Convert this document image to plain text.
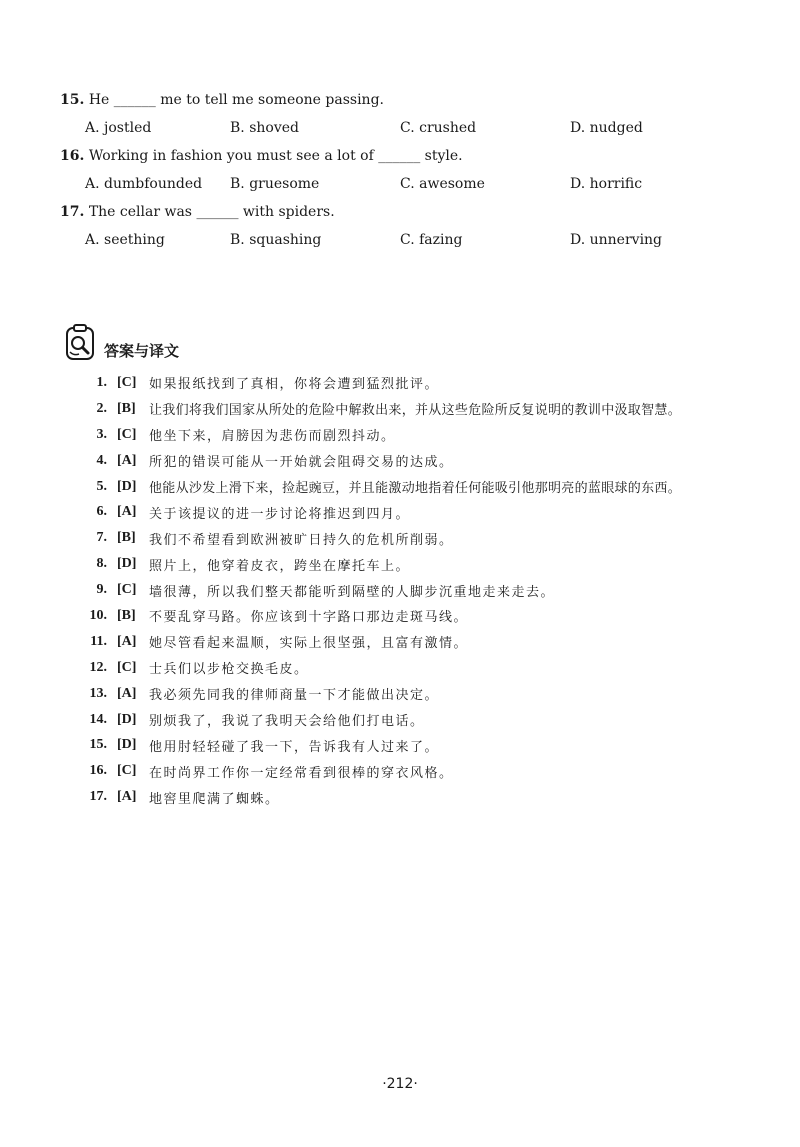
15. He ______ me to tell me someone passing.
A. jostled	B. shoved	C. crushed	D. nudged
16. Working in fashion you must see a lot of ______ style.
A. dumbfounded B. gruesome	C. awesome	D. horrific
17. The cellar was ______ with spiders.
A. seething	B. squashing	C. fazing	D. unnerving
答案与译文
1. [C] 如果报纸找到了真相，你将会遭到猛烈批评。
2. [B]	让我们将我们国家从所处的危险中解救出来，并从这些危险所反复说明的教训中汲取智慧。
3. [C] 他坐下来，肩膀因为悲伤而剧烈抖动。
4. [A] 所犯的错误可能从一开始就会阻碍交易的达成。
5. [D] 他能从沙发上滑下来，捡起豌豆，并且能激动地指着任何能吸引他那明亮的蓝眼球的东西。
6. [A] 关于该提议的进一步讨论将推迟到四月。
7. [B]	我们不希望看到欧洲被旷日持久的危机所削弱。
8. [D] 照片上，他穿着皮衣，跨坐在摩托车上。
9. [C] 墙很薄，所以我们整天都能听到隔壁的人脚步沉重地走来走去。
10. [B]	不要乱穿马路。你应该到十字路口那边走斑马线。
11. [A] 她尽管看起来温顺，实际上很坚强，且富有激情。
12. [C] 士兵们以步枪交换毛皮。
13. [A] 我必须先同我的律师商量一下才能做出决定。
14. [D] 别烦我了，我说了我明天会给他们打电话。
15. [D] 他用肘轻轻碰了我一下，告诉我有人过来了。
16. [C] 在时尚界工作你一定经常看到很棒的穿衣风格。
17. [A] 地窖里爬满了蜘蛛。
·212·
